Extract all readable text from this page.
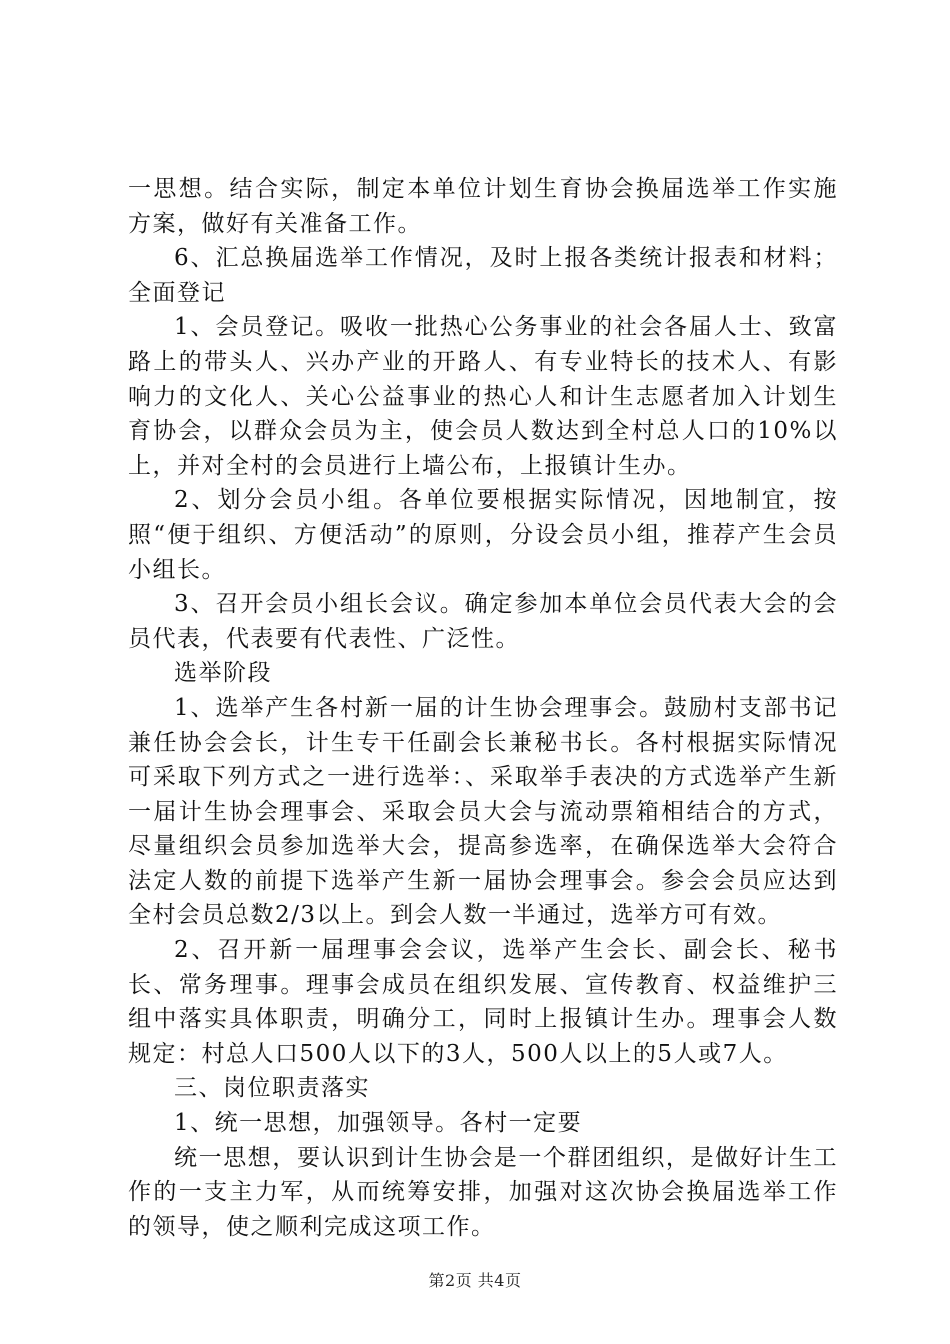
一思想。结合实际，制定本单位计划生育协会换届选举工作实施方案，做好有关准备工作。

6、汇总换届选举工作情况，及时上报各类统计报表和材料；全面登记

1、会员登记。吸收一批热心公务事业的社会各届人士、致富路上的带头人、兴办产业的开路人、有专业特长的技术人、有影响力的文化人、关心公益事业的热心人和计生志愿者加入计划生育协会，以群众会员为主，使会员人数达到全村总人口的10%以上，并对全村的会员进行上墙公布，上报镇计生办。

2、划分会员小组。各单位要根据实际情况，因地制宜，按照“便于组织、方便活动”的原则，分设会员小组，推荐产生会员小组长。

3、召开会员小组长会议。确定参加本单位会员代表大会的会员代表，代表要有代表性、广泛性。

选举阶段

1、选举产生各村新一届的计生协会理事会。鼓励村支部书记兼任协会会长，计生专干任副会长兼秘书长。各村根据实际情况可采取下列方式之一进行选举：、采取举手表决的方式选举产生新一届计生协会理事会、采取会员大会与流动票箱相结合的方式，尽量组织会员参加选举大会，提高参选率，在确保选举大会符合法定人数的前提下选举产生新一届协会理事会。参会会员应达到全村会员总数2/3以上。到会人数一半通过，选举方可有效。

2、召开新一届理事会会议，选举产生会长、副会长、秘书长、常务理事。理事会成员在组织发展、宣传教育、权益维护三组中落实具体职责，明确分工，同时上报镇计生办。理事会人数规定：村总人口500人以下的3人，500人以上的5人或7人。

三、岗位职责落实

1、统一思想，加强领导。各村一定要

统一思想，要认识到计生协会是一个群团组织，是做好计生工作的一支主力军，从而统筹安排，加强对这次协会换届选举工作的领导，使之顺利完成这项工作。

第2页 共4页
